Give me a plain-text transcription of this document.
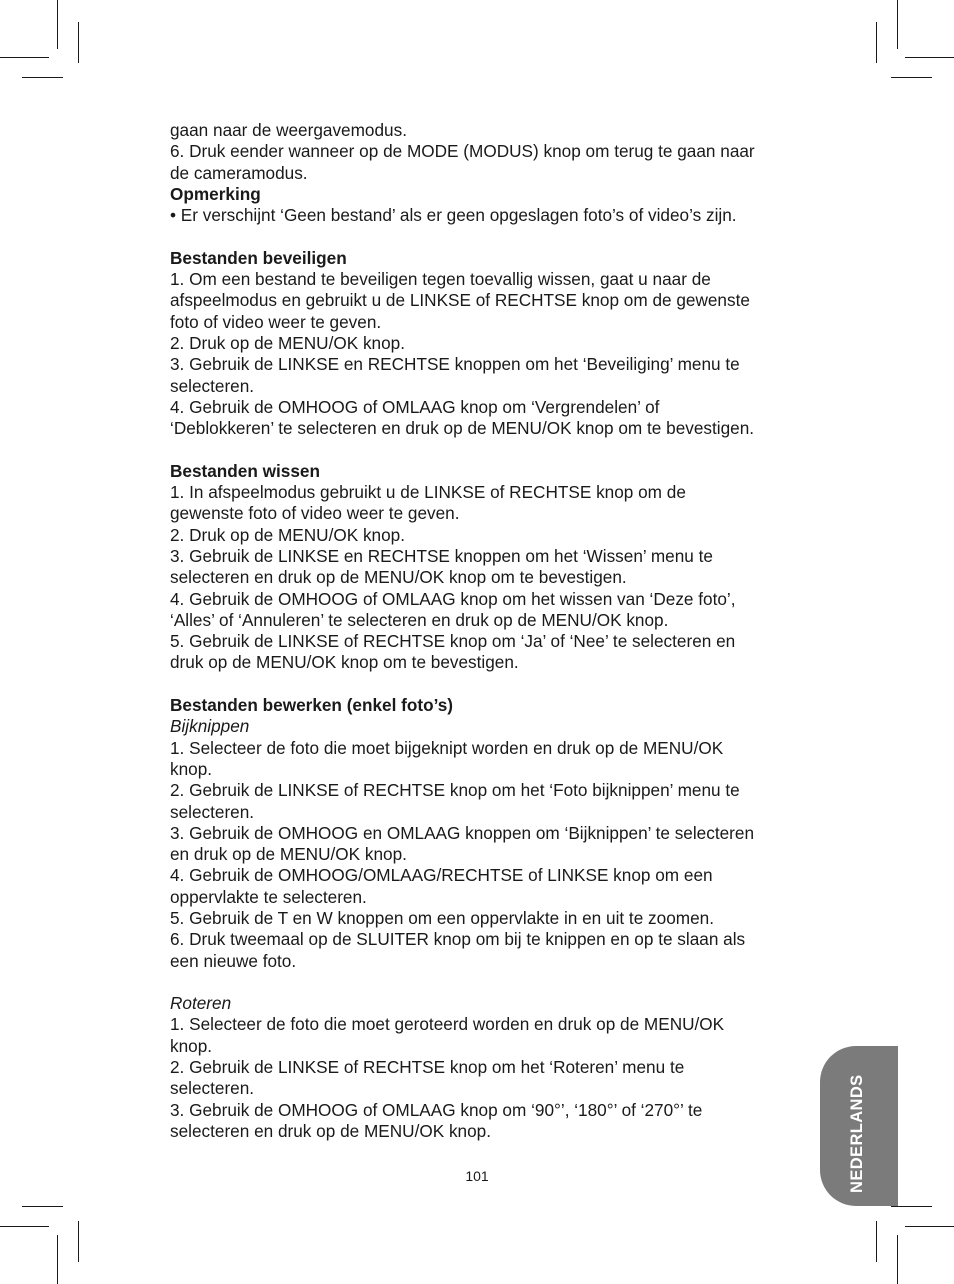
gaan naar de weergavemodus.

6. Druk eender wanneer op de MODE (MODUS) knop om terug te gaan naar

de cameramodus.

Opmerking

• Er verschijnt ‘Geen bestand’ als er geen opgeslagen foto’s of video’s zijn.

Bestanden beveiligen

1. Om een bestand te beveiligen tegen toevallig wissen, gaat u naar de

afspeelmodus en gebruikt u de LINKSE of RECHTSE knop om de gewenste

foto of video weer te geven.

2. Druk op de MENU/OK knop.

3. Gebruik de LINKSE en RECHTSE knoppen om het ‘Beveiliging’ menu te

selecteren.

4. Gebruik de OMHOOG of OMLAAG knop om ‘Vergrendelen’ of

‘Deblokkeren’ te selecteren en druk op de MENU/OK knop om te bevestigen.

Bestanden wissen

1. In afspeelmodus gebruikt u de LINKSE of RECHTSE knop om de

gewenste foto of video weer te geven.

2. Druk op de MENU/OK knop.

3. Gebruik de LINKSE en RECHTSE knoppen om het ‘Wissen’ menu te

selecteren en druk op de MENU/OK knop om te bevestigen.

4. Gebruik de OMHOOG of OMLAAG knop om het wissen van ‘Deze foto’,

‘Alles’ of ‘Annuleren’ te selecteren en druk op de MENU/OK knop.

5. Gebruik de LINKSE of RECHTSE knop om ‘Ja’ of ‘Nee’ te selecteren en

druk op de MENU/OK knop om te bevestigen.

Bestanden bewerken (enkel foto’s)

Bijknippen

1. Selecteer de foto die moet bijgeknipt worden en druk op de MENU/OK

knop.

2. Gebruik de LINKSE of RECHTSE knop om het ‘Foto bijknippen’ menu te

selecteren.

3. Gebruik de OMHOOG en OMLAAG knoppen om ‘Bijknippen’ te selecteren

en druk op de MENU/OK knop.

4. Gebruik de OMHOOG/OMLAAG/RECHTSE of LINKSE knop om een

oppervlakte te selecteren.

5. Gebruik de T en W knoppen om een oppervlakte in en uit te zoomen.

6. Druk tweemaal op de SLUITER knop om bij te knippen en op te slaan als

een nieuwe foto.

Roteren

1. Selecteer de foto die moet geroteerd worden en druk op de MENU/OK

knop.

2. Gebruik de LINKSE of RECHTSE knop om het ‘Roteren’ menu te

selecteren.

3. Gebruik de OMHOOG of OMLAAG knop om ‘90°’, ‘180°’ of ‘270°’ te

selecteren en druk op de MENU/OK knop.

101	NEDERLANDS
